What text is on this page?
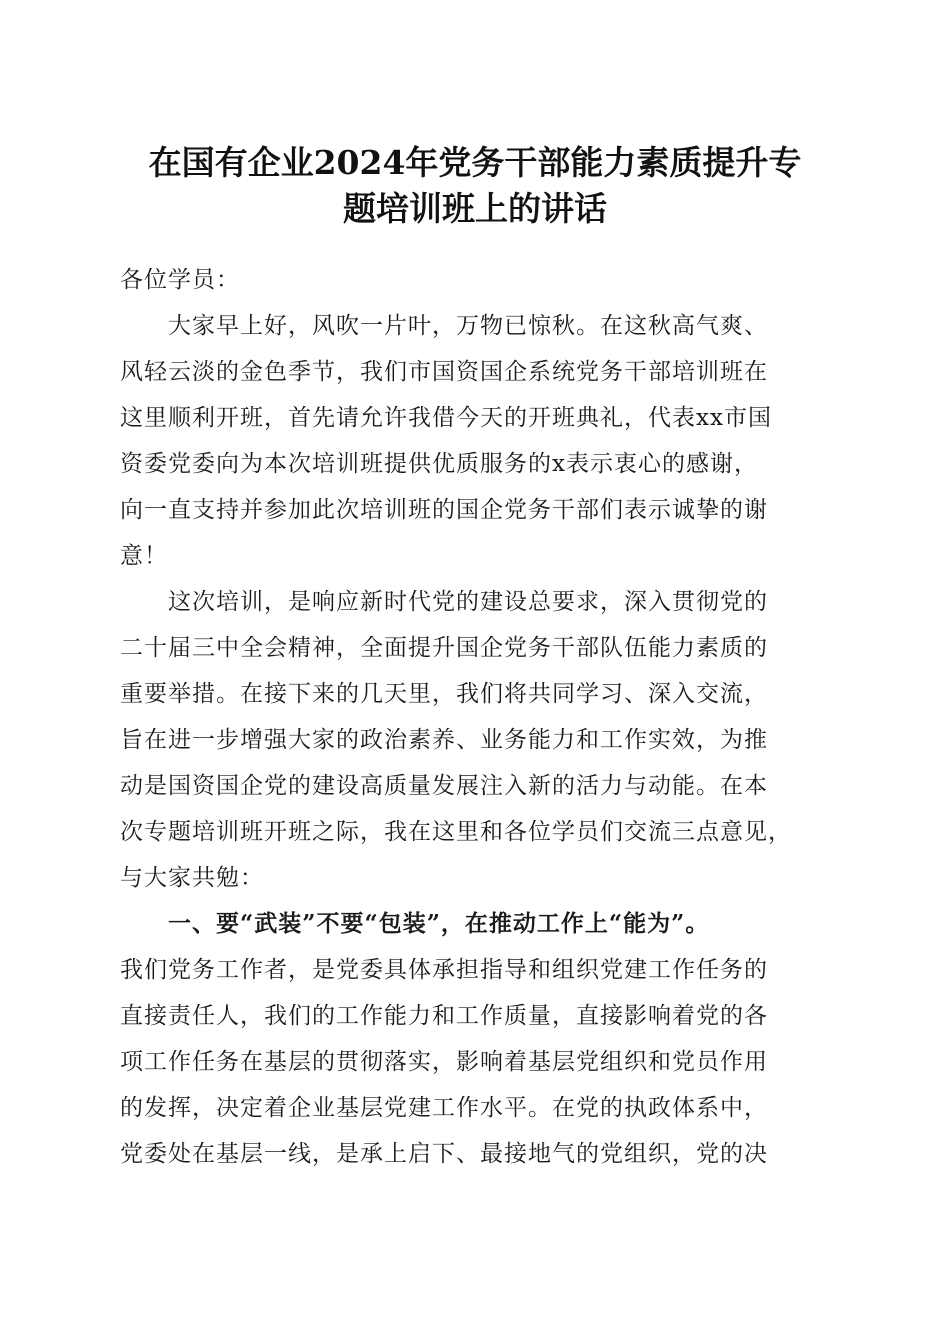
在国有企业2024年党务干部能力素质提升专
题培训班上的讲话
各位学员：
　　大家早上好，风吹一片叶，万物已惊秋。在这秋高气爽、
风轻云淡的金色季节，我们市国资国企系统党务干部培训班在
这里顺利开班，首先请允许我借今天的开班典礼，代表xx市国
资委党委向为本次培训班提供优质服务的x表示衷心的感谢，
向一直支持并参加此次培训班的国企党务干部们表示诚挚的谢
意！
　　这次培训，是响应新时代党的建设总要求，深入贯彻党的
二十届三中全会精神，全面提升国企党务干部队伍能力素质的
重要举措。在接下来的几天里，我们将共同学习、深入交流，
旨在进一步增强大家的政治素养、业务能力和工作实效，为推
动是国资国企党的建设高质量发展注入新的活力与动能。在本
次专题培训班开班之际，我在这里和各位学员们交流三点意见，
与大家共勉：
　　一、要“武装”不要“包装”，在推动工作上“能为”。
我们党务工作者，是党委具体承担指导和组织党建工作任务的
直接责任人，我们的工作能力和工作质量，直接影响着党的各
项工作任务在基层的贯彻落实，影响着基层党组织和党员作用
的发挥，决定着企业基层党建工作水平。在党的执政体系中，
党委处在基层一线，是承上启下、最接地气的党组织，党的决
